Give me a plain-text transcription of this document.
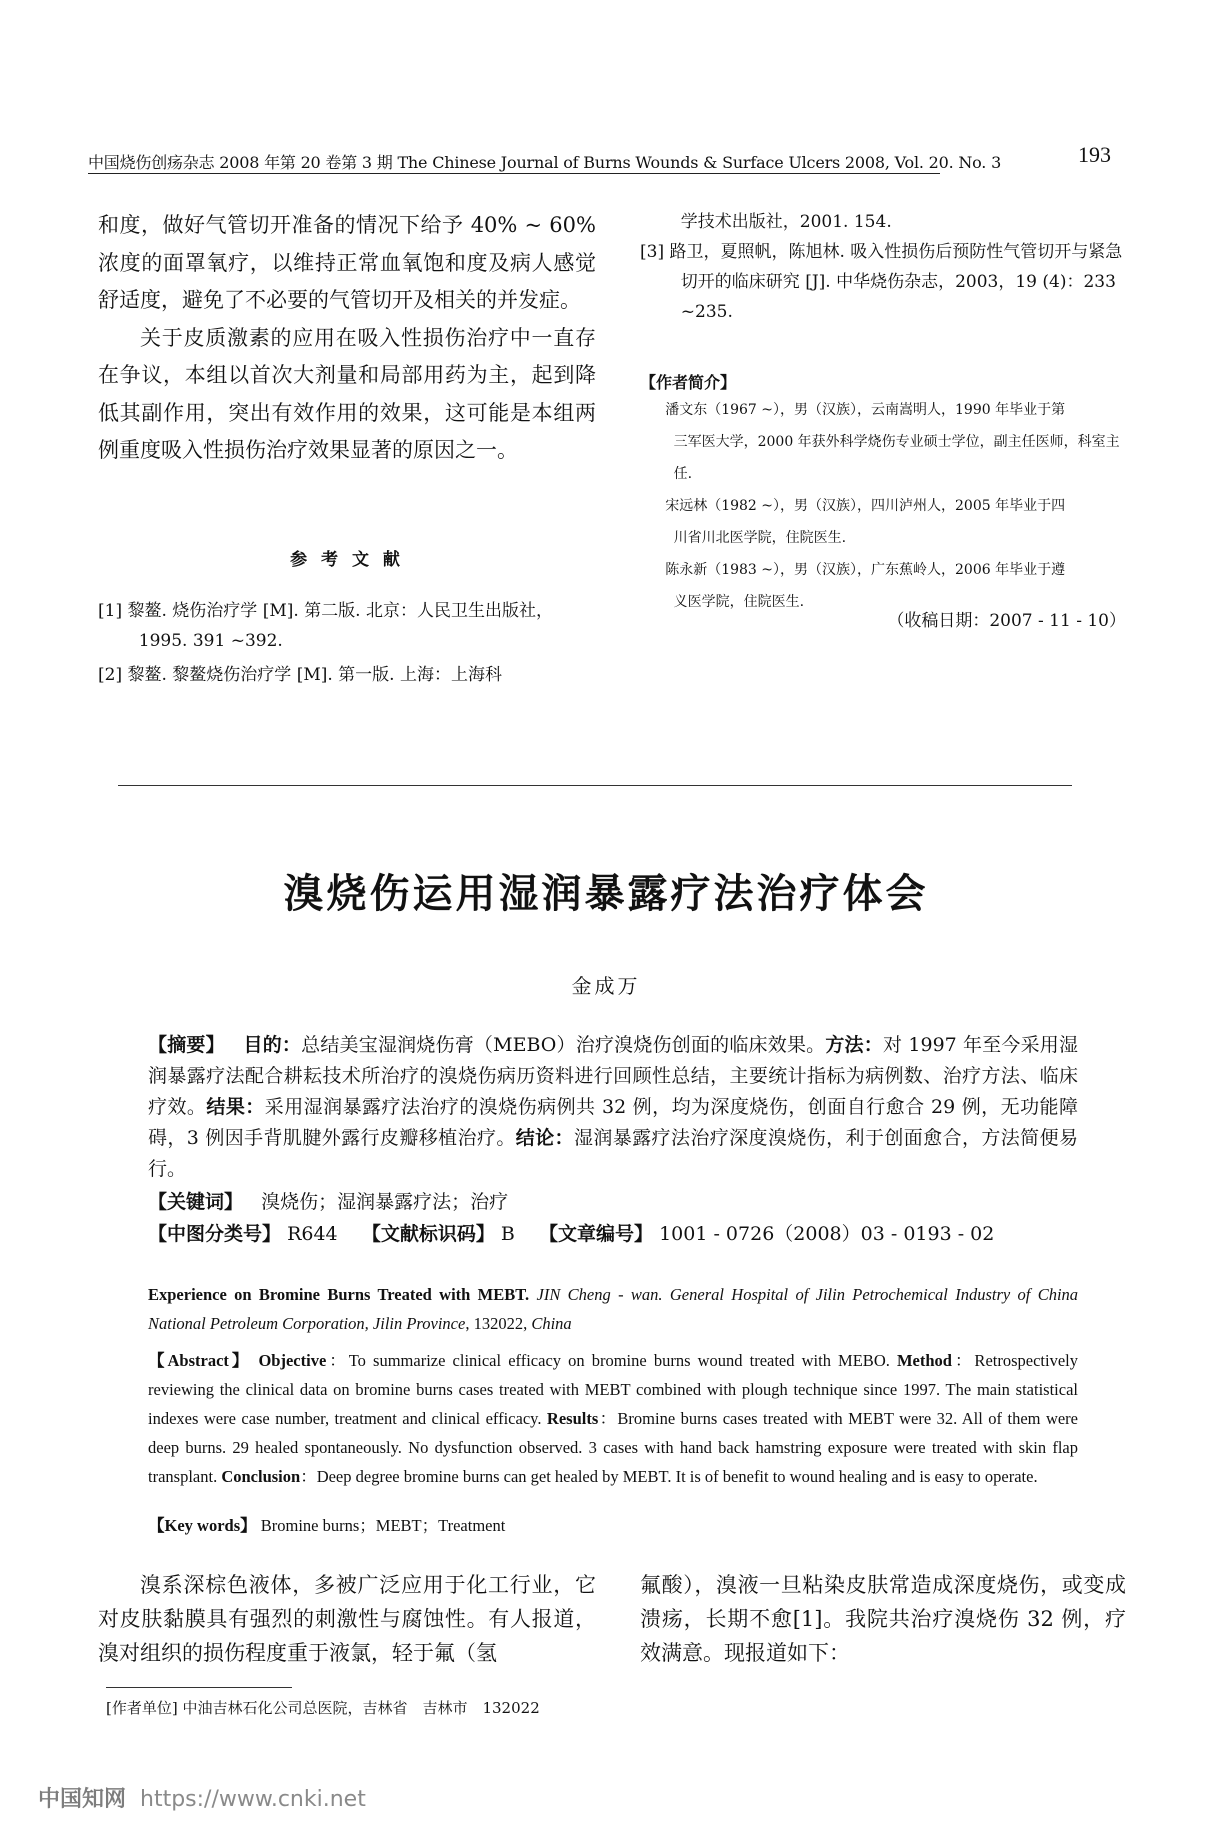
中国烧伤创疡杂志 2008 年第 20 卷第 3 期 The Chinese Journal of Burns Wounds & Surface Ulcers 2008, Vol. 20. No. 3	193

和度，做好气管切开准备的情况下给予 40% ~ 60% 浓度的面罩氧疗，以维持正常血氧饱和度及病人感觉舒适度，避免了不必要的气管切开及相关的并发症。

关于皮质激素的应用在吸入性损伤治疗中一直存在争议，本组以首次大剂量和局部用药为主，起到降低其副作用，突出有效作用的效果，这可能是本组两例重度吸入性损伤治疗效果显著的原因之一。

参 考 文 献

[1] 黎鳌. 烧伤治疗学 [M]. 第二版. 北京：人民卫生出版社，1995. 391 ~392.

[2] 黎鳌. 黎鳌烧伤治疗学 [M]. 第一版. 上海：上海科

学技术出版社，2001. 154.

[3] 路卫，夏照帆，陈旭林. 吸入性损伤后预防性气管切开与紧急切开的临床研究 [J]. 中华烧伤杂志，2003，19 (4)：233 ~235.

【作者简介】
潘文东（1967 ~），男（汉族），云南嵩明人，1990 年毕业于第
三军医大学，2000 年获外科学烧伤专业硕士学位，副主任医师，科室主任.
宋远林（1982 ~），男（汉族），四川泸州人，2005 年毕业于四
川省川北医学院，住院医生.
陈永新（1983 ~），男（汉族），广东蕉岭人，2006 年毕业于遵
义医学院，住院医生.
（收稿日期：2007 - 11 - 10）
溴烧伤运用湿润暴露疗法治疗体会
金成万
【摘要】 目的：总结美宝湿润烧伤膏（MEBO）治疗溴烧伤创面的临床效果。方法：对 1997 年至今采用湿润暴露疗法配合耕耘技术所治疗的溴烧伤病历资料进行回顾性总结，主要统计指标为病例数、治疗方法、临床疗效。结果：采用湿润暴露疗法治疗的溴烧伤病例共 32 例，均为深度烧伤，创面自行愈合 29 例，无功能障碍，3 例因手背肌腱外露行皮瓣移植治疗。结论：湿润暴露疗法治疗深度溴烧伤，利于创面愈合，方法简便易行。
【关键词】 溴烧伤；湿润暴露疗法；治疗
【中图分类号】 R644 【文献标识码】 B 【文章编号】 1001 - 0726（2008）03 - 0193 - 02
Experience on Bromine Burns Treated with MEBT. JIN Cheng - wan. General Hospital of Jilin Petrochemical Industry of China National Petroleum Corporation, Jilin Province, 132022, China
【Abstract】 Objective：To summarize clinical efficacy on bromine burns wound treated with MEBO. Method：Retrospectively reviewing the clinical data on bromine burns cases treated with MEBT combined with plough technique since 1997. The main statistical indexes were case number, treatment and clinical efficacy. Results：Bromine burns cases treated with MEBT were 32. All of them were deep burns. 29 healed spontaneously. No dysfunction observed. 3 cases with hand back hamstring exposure were treated with skin flap transplant. Conclusion：Deep degree bromine burns can get healed by MEBT. It is of benefit to wound healing and is easy to operate.
【Key words】 Bromine burns；MEBT；Treatment

溴系深棕色液体，多被广泛应用于化工行业，它对皮肤黏膜具有强烈的刺激性与腐蚀性。有人报道，溴对组织的损伤程度重于液氯，轻于氟（氢

氟酸），溴液一旦粘染皮肤常造成深度烧伤，或变成溃疡，长期不愈[1]。我院共治疗溴烧伤 32 例，疗效满意。现报道如下：

[作者单位] 中油吉林石化公司总医院，吉林省　吉林市　132022
中国知网 https://www.cnki.net
